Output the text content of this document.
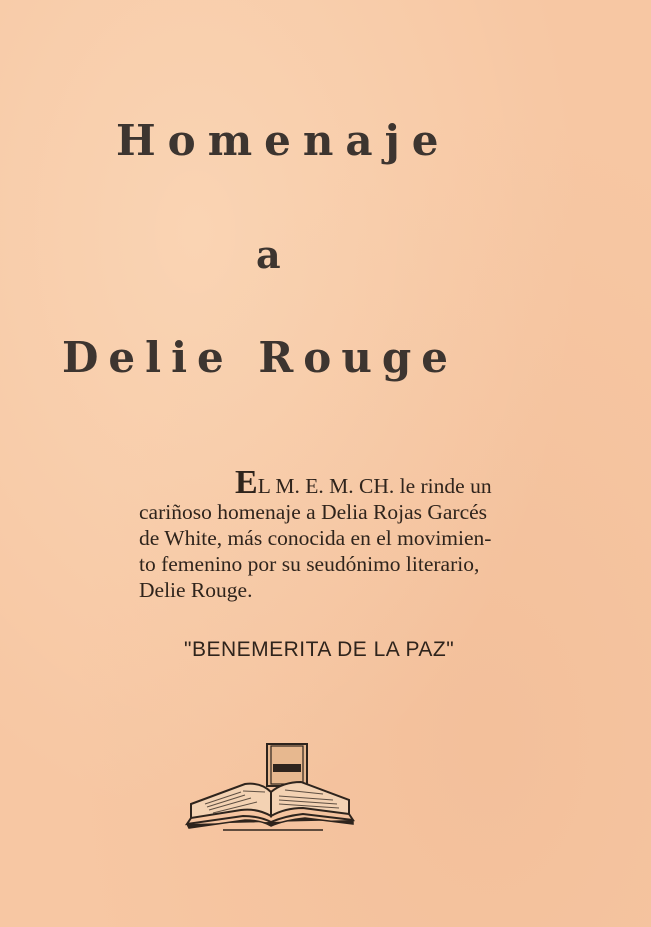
Homenaje
a
Delie Rouge

EL M. E. M. CH. le rinde un
cariñoso homenaje a Delia Rojas Garcés
de White, más conocida en el movimien-
to femenino por su seudónimo literario,
Delie Rouge.

"BENEMERITA DE LA PAZ"
